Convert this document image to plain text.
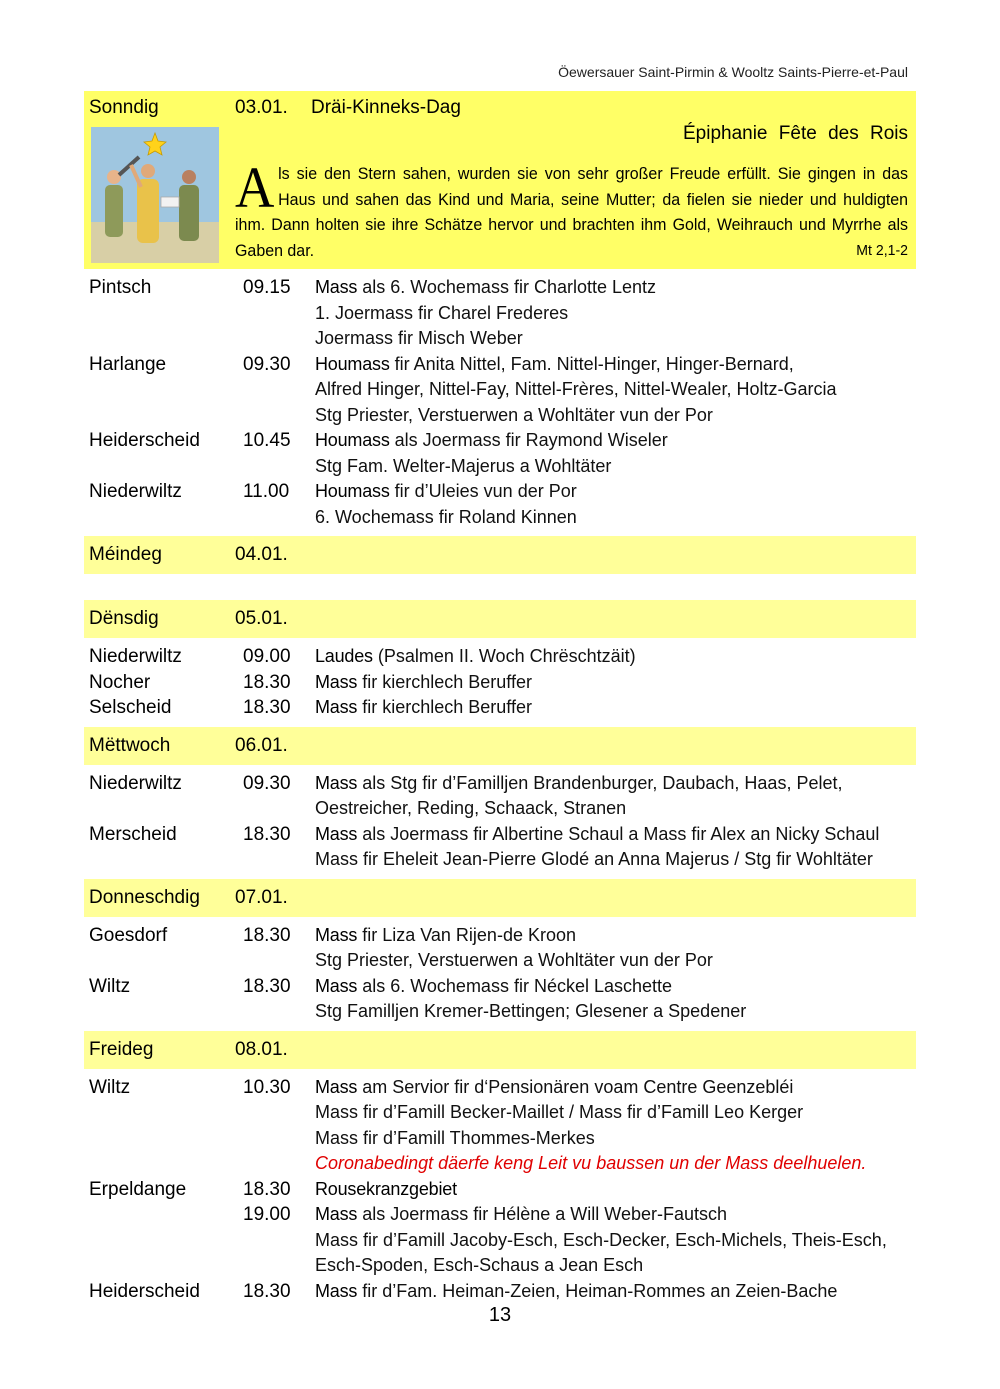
Öewersauer Saint-Pirmin & Wooltz Saints-Pierre-et-Paul
Sonndig	03.01.	Dräi-Kinneks-Dag
Épiphanie Fête des Rois
Als sie den Stern sahen, wurden sie von sehr großer Freude erfüllt. Sie gingen in das Haus und sahen das Kind und Maria, seine Mutter; da fielen sie nieder und huldigten ihm. Dann holten sie ihre Schätze hervor und brachten ihm Gold, Weihrauch und Myrrhe als Gaben dar.	Mt 2,1-2
Pintsch	09.15	Mass als 6. Wochemass fir Charlotte Lentz
1. Joermass fir Charel Frederes
Joermass fir Misch Weber
Harlange	09.30	Houmass fir Anita Nittel, Fam. Nittel-Hinger, Hinger-Bernard,
Alfred Hinger, Nittel-Fay, Nittel-Frères, Nittel-Wealer, Holtz-Garcia
Stg Priester, Verstuerwen a Wohltäter vun der Por
Heiderscheid	10.45	Houmass als Joermass fir Raymond Wiseler
Stg Fam. Welter-Majerus a Wohltäter
Niederwiltz	11.00	Houmass fir d’Uleies vun der Por
6. Wochemass fir Roland Kinnen
Méindeg	04.01.
Dënsdig	05.01.
Niederwiltz	09.00	Laudes (Psalmen II. Woch Chrëschtzäit)
Nocher	18.30	Mass fir kierchlech Beruffer
Selscheid	18.30	Mass fir kierchlech Beruffer
Mëttwoch	06.01.
Niederwiltz	09.30	Mass als Stg fir d’Familljen Brandenburger, Daubach, Haas, Pelet,
Oestreicher, Reding, Schaack, Stranen
Merscheid	18.30	Mass als Joermass fir Albertine Schaul a Mass fir Alex an Nicky Schaul
Mass fir Eheleit Jean-Pierre Glodé an Anna Majerus / Stg fir Wohltäter
Donneschdig	07.01.
Goesdorf	18.30	Mass fir Liza Van Rijen-de Kroon
Stg Priester, Verstuerwen a Wohltäter vun der Por
Wiltz	18.30	Mass als 6. Wochemass fir Néckel Laschette
Stg Familljen Kremer-Bettingen; Glesener a Spedener
Freideg	08.01.
Wiltz	10.30	Mass am Servior fir d‘Pensionären voam Centre Geenzebléi
Mass fir d’Famill Becker-Maillet / Mass fir d’Famill Leo Kerger
Mass fir d’Famill Thommes-Merkes
Coronabedingt däerfe keng Leit vu baussen un der Mass deelhuelen.
Erpeldange	18.30	Rousekranzgebiet
19.00	Mass als Joermass fir Hélène a Will Weber-Fautsch
Mass fir d’Famill Jacoby-Esch, Esch-Decker, Esch-Michels, Theis-Esch,
Esch-Spoden, Esch-Schaus a Jean Esch
Heiderscheid	18.30	Mass fir d’Fam. Heiman-Zeien, Heiman-Rommes an Zeien-Bache
13
